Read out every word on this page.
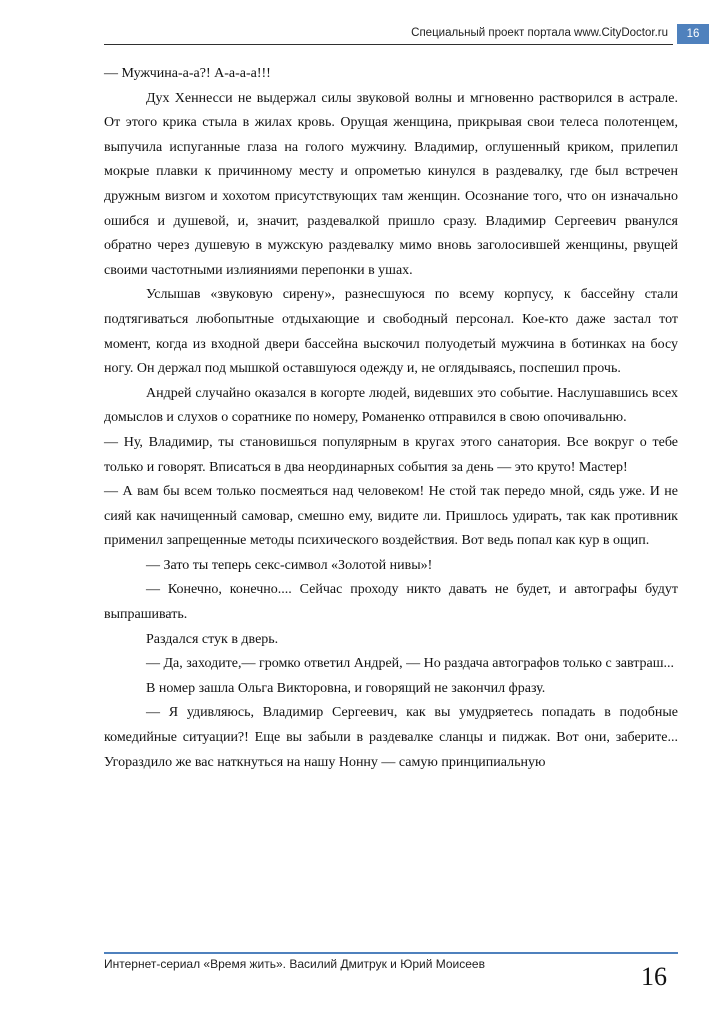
Специальный проект портала www.CityDoctor.ru	16

— Мужчина-а-а?! А-а-а-а!!!

Дух Хеннесси не выдержал силы звуковой волны и мгновенно растворился в астрале. От этого крика стыла в жилах кровь. Орущая женщина, прикрывая свои телеса полотенцем, выпучила испуганные глаза на голого мужчину. Владимир, оглушенный криком, прилепил мокрые плавки к причинному месту и опрометью кинулся в раздевалку, где был встречен дружным визгом и хохотом присутствующих там женщин. Осознание того, что он изначально ошибся и душевой, и, значит, раздевалкой пришло сразу. Владимир Сергеевич рванулся обратно через душевую в мужскую раздевалку мимо вновь заголосившей женщины, рвущей своими частотными излияниями перепонки в ушах.

Услышав «звуковую сирену», разнесшуюся по всему корпусу, к бассейну стали подтягиваться любопытные отдыхающие и свободный персонал. Кое-кто даже застал тот момент, когда из входной двери бассейна выскочил полуодетый мужчина в ботинках на босу ногу. Он держал под мышкой оставшуюся одежду и, не оглядываясь, поспешил прочь.

Андрей случайно оказался в когорте людей, видевших это событие. Наслушавшись всех домыслов и слухов о соратнике по номеру, Романенко отправился в свою опочивальню.

— Ну, Владимир, ты становишься популярным в кругах этого санатория. Все вокруг о тебе только и говорят. Вписаться в два неординарных события за день — это круто! Мастер!

— А вам бы всем только посмеяться над человеком! Не стой так передо мной, сядь уже. И не сияй как начищенный самовар, смешно ему, видите ли. Пришлось удирать, так как противник применил запрещенные методы психического воздействия. Вот ведь попал как кур в ощип.

— Зато ты теперь секс-символ «Золотой нивы»!

— Конечно, конечно.... Сейчас проходу никто давать не будет, и автографы будут выпрашивать.

Раздался стук в дверь.

— Да, заходите,— громко ответил Андрей, — Но раздача автографов только с завтраш...

В номер зашла Ольга Викторовна, и говорящий не закончил фразу.

— Я удивляюсь, Владимир Сергеевич, как вы умудряетесь попадать в подобные комедийные ситуации?! Еще вы забыли в раздевалке сланцы и пиджак. Вот они, заберите... Угораздило же вас наткнуться на нашу Нонну — самую принципиальную

Интернет-сериал «Время жить». Василий Дмитрук и Юрий Моисеев	16
